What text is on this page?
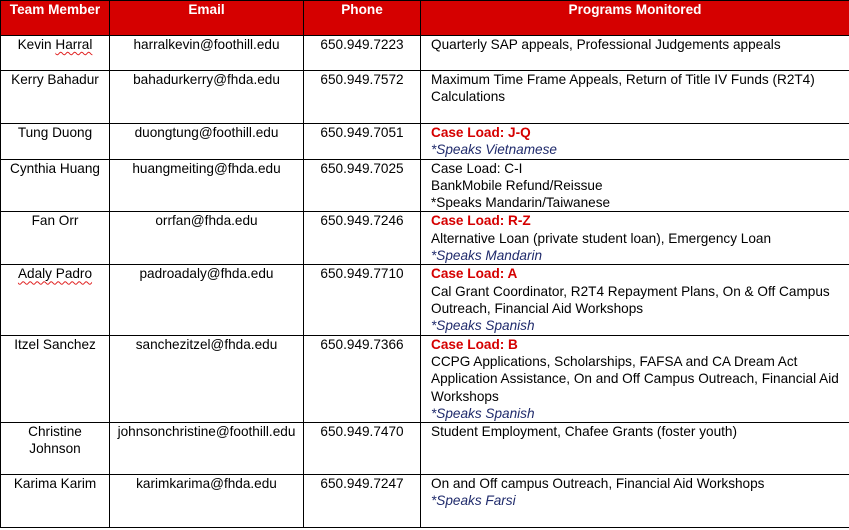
Team Member	Email	Phone	Programs Monitored
Kevin Harral	harralkevin@foothill.edu	650.949.7223	Quarterly SAP appeals, Professional Judgements appeals

Kerry Bahadur	bahadurkerry@fhda.edu	650.949.7572	Maximum Time Frame Appeals, Return of Title IV Funds (R2T4) Calculations

Tung Duong	duongtung@foothill.edu	650.949.7051	Case Load: J-Q
*Speaks Vietnamese

Cynthia Huang	huangmeiting@fhda.edu	650.949.7025	Case Load: C-I
BankMobile Refund/Reissue
*Speaks Mandarin/Taiwanese

Fan Orr	orrfan@fhda.edu	650.949.7246	Case Load: R-Z
Alternative Loan (private student loan), Emergency Loan
*Speaks Mandarin

Adaly Padro	padroadaly@fhda.edu	650.949.7710	Case Load: A
Cal Grant Coordinator, R2T4 Repayment Plans, On & Off Campus Outreach, Financial Aid Workshops
*Speaks Spanish

Itzel Sanchez	sanchezitzel@fhda.edu	650.949.7366	Case Load: B
CCPG Applications, Scholarships, FAFSA and CA Dream Act Application Assistance, On and Off Campus Outreach, Financial Aid Workshops
*Speaks Spanish

Christine Johnson	johnsonchristine@foothill.edu	650.949.7470	Student Employment, Chafee Grants (foster youth)

Karima Karim	karimkarima@fhda.edu	650.949.7247	On and Off campus Outreach, Financial Aid Workshops
*Speaks Farsi
